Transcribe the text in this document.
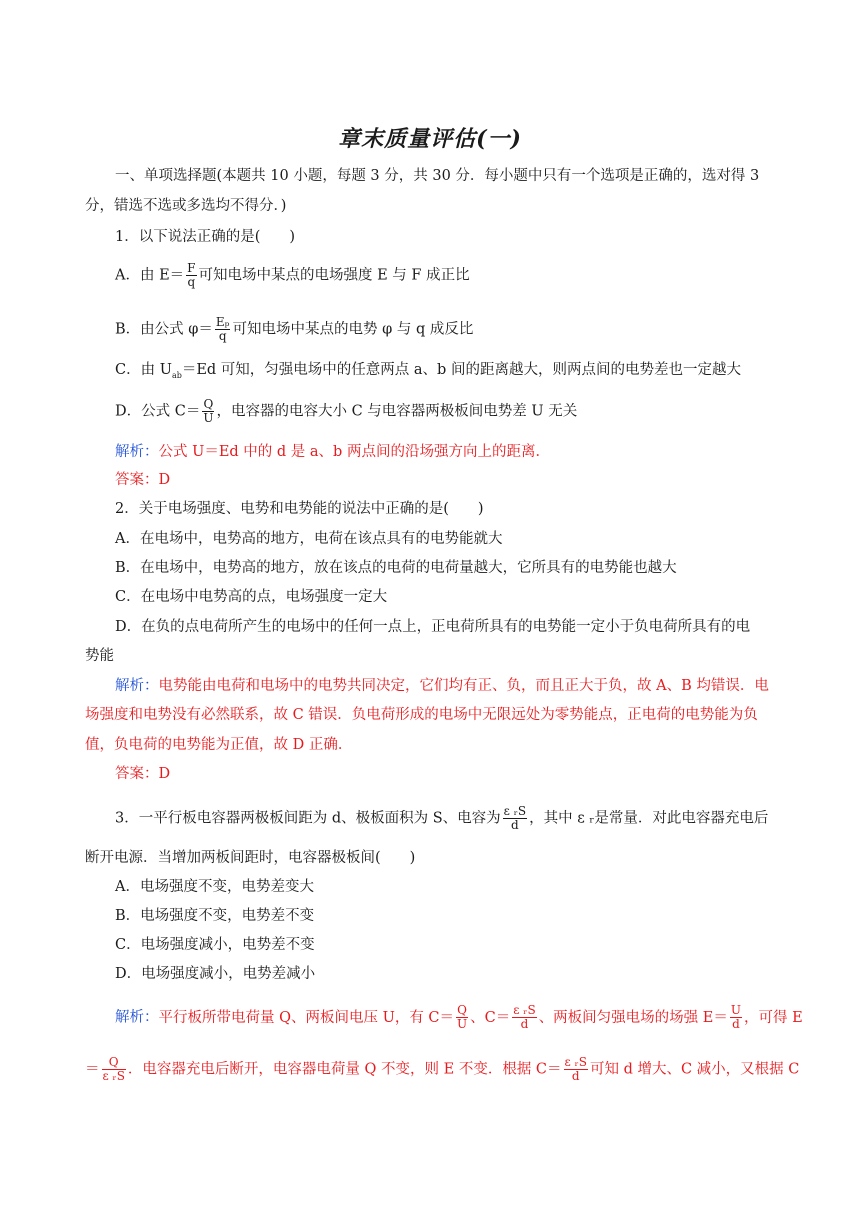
章末质量评估(一)
一、单项选择题(本题共 10 小题，每题 3 分，共 30 分．每小题中只有一个选项是正确的，选对得 3
分，错选不选或多选均不得分．)
1．以下说法正确的是(　　)
A．由 $E= \frac{F}{q}$ 可知电场中某点的电场强度 E 与 F 成正比
B．由公式 $\varphi= \frac{\text{Eₚ}}{q}$ 可知电场中某点的电势 φ 与 q 成反比
C．由 $U_{ab}=Ed$ 可知，匀强电场中的任意两点 a、b 间的距离越大，则两点间的电势差也一定越大
D．公式 $C= \frac{Q}{U}$ ，电容器的电容大小 C 与电容器两极板间电势差 U 无关
解析：公式 U＝Ed 中的 d 是 a、b 两点间的沿场强方向上的距离．
答案：D
2．关于电场强度、电势和电势能的说法中正确的是(　　)
A．在电场中，电势高的地方，电荷在该点具有的电势能就大
B．在电场中，电势高的地方，放在该点的电荷的电荷量越大，它所具有的电势能也越大
C．在电场中电势高的点，电场强度一定大
D．在负的点电荷所产生的电场中的任何一点上，正电荷所具有的电势能一定小于负电荷所具有的电
势能
解析：电势能由电荷和电场中的电势共同决定，它们均有正、负，而且正大于负，故 A、B 均错误．电
场强度和电势没有必然联系，故 C 错误．负电荷形成的电场中无限远处为零势能点，正电荷的电势能为负
值，负电荷的电势能为正值，故 D 正确．
答案：D
3．一平行板电容器两极板间距为 d、极板面积为 S、电容为 $\frac{\text{ε ᵣS}}{d}$ ，其中 ε ᵣ是常量．对此电容器充电后
断开电源．当增加两板间距时，电容器极板间(　　)
A．电场强度不变，电势差变大
B．电场强度不变，电势差不变
C．电场强度减小，电势差不变
D．电场强度减小，电势差减小
解析：平行板所带电荷量 Q、两板间电压 U，有 $C= \frac{Q}{U}$ 、$C= \frac{\text{ε ᵣS}}{d}$ 、两板间匀强电场的场强 $E= \frac{U}{d}$ ，可得 E
＝ $\frac{Q}{\text{ε ᵣS}}$ ．电容器充电后断开，电容器电荷量 Q 不变，则 E 不变．根据 $C= \frac{\text{ε ᵣS}}{d}$ 可知 d 增大、C 减小，又根据 C
